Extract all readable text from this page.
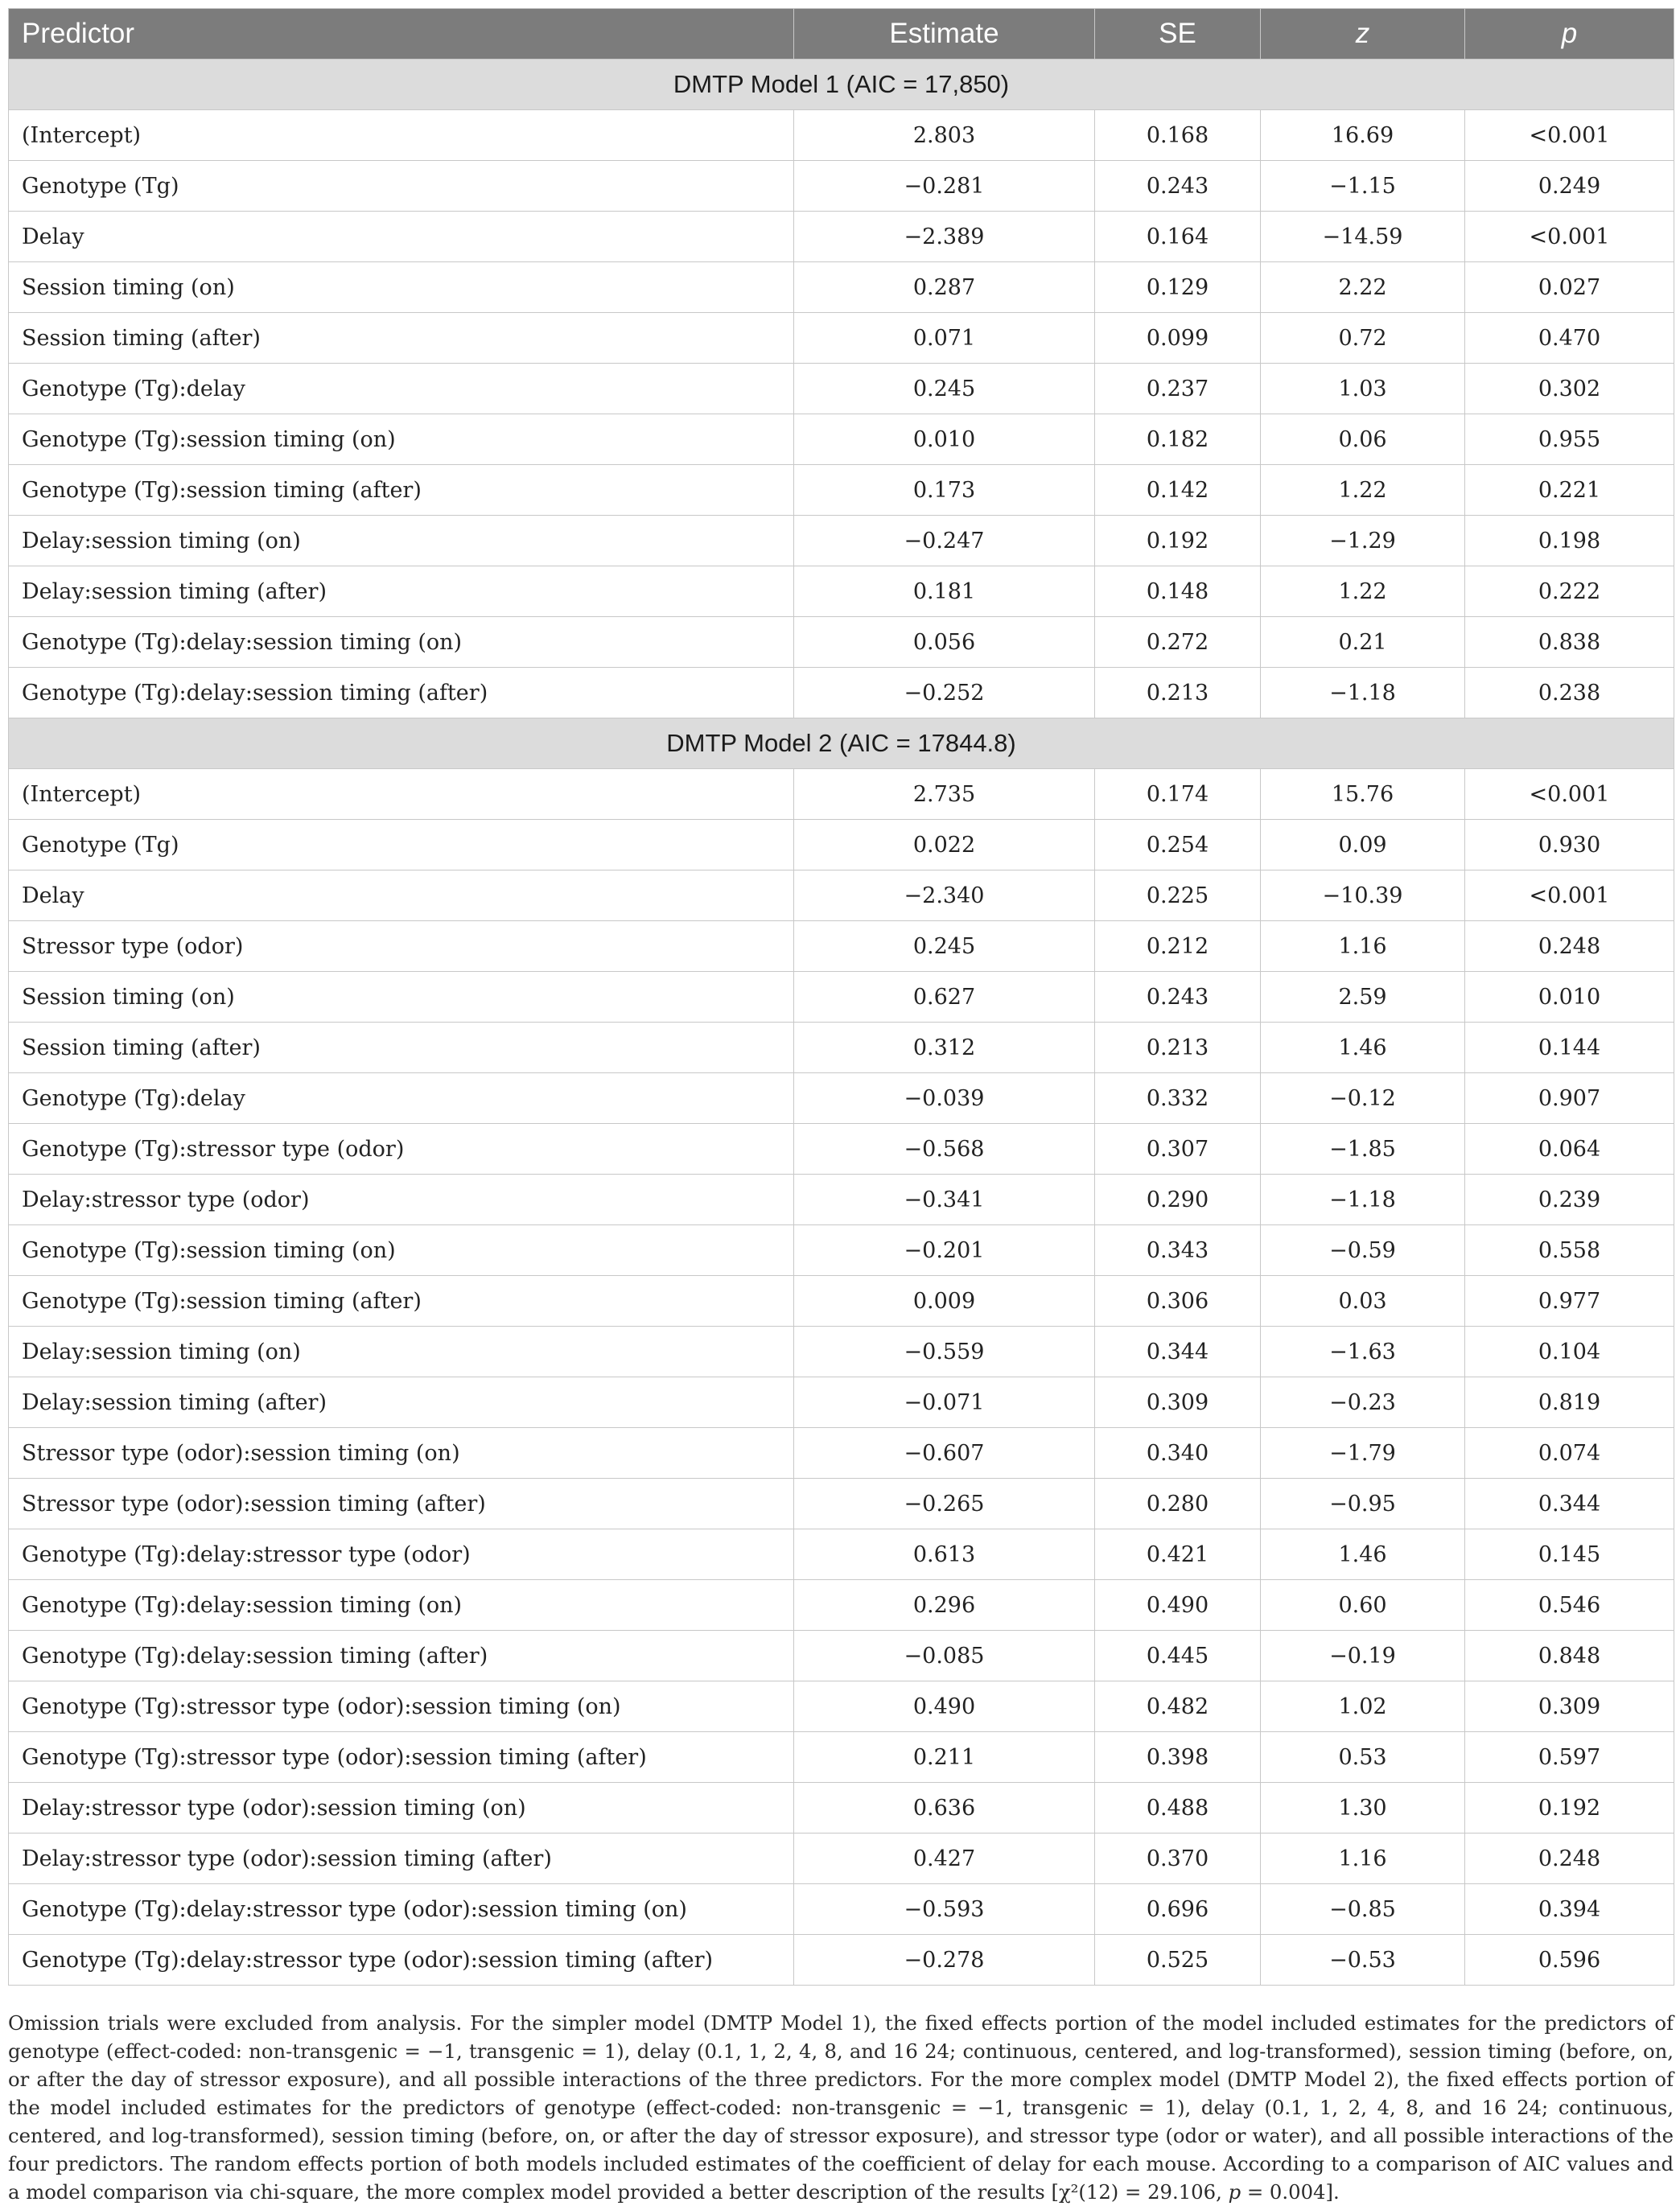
Predictor	Estimate	SE	z	p
DMTP Model 1 (AIC = 17,850)				
(Intercept)	2.803	0.168	16.69	<0.001
Genotype (Tg)	−0.281	0.243	−1.15	0.249
Delay	−2.389	0.164	−14.59	<0.001
Session timing (on)	0.287	0.129	2.22	0.027
Session timing (after)	0.071	0.099	0.72	0.470
Genotype (Tg):delay	0.245	0.237	1.03	0.302
Genotype (Tg):session timing (on)	0.010	0.182	0.06	0.955
Genotype (Tg):session timing (after)	0.173	0.142	1.22	0.221
Delay:session timing (on)	−0.247	0.192	−1.29	0.198
Delay:session timing (after)	0.181	0.148	1.22	0.222
Genotype (Tg):delay:session timing (on)	0.056	0.272	0.21	0.838
Genotype (Tg):delay:session timing (after)	−0.252	0.213	−1.18	0.238
DMTP Model 2 (AIC = 17844.8)				
(Intercept)	2.735	0.174	15.76	<0.001
Genotype (Tg)	0.022	0.254	0.09	0.930
Delay	−2.340	0.225	−10.39	<0.001
Stressor type (odor)	0.245	0.212	1.16	0.248
Session timing (on)	0.627	0.243	2.59	0.010
Session timing (after)	0.312	0.213	1.46	0.144
Genotype (Tg):delay	−0.039	0.332	−0.12	0.907
Genotype (Tg):stressor type (odor)	−0.568	0.307	−1.85	0.064
Delay:stressor type (odor)	−0.341	0.290	−1.18	0.239
Genotype (Tg):session timing (on)	−0.201	0.343	−0.59	0.558
Genotype (Tg):session timing (after)	0.009	0.306	0.03	0.977
Delay:session timing (on)	−0.559	0.344	−1.63	0.104
Delay:session timing (after)	−0.071	0.309	−0.23	0.819
Stressor type (odor):session timing (on)	−0.607	0.340	−1.79	0.074
Stressor type (odor):session timing (after)	−0.265	0.280	−0.95	0.344
Genotype (Tg):delay:stressor type (odor)	0.613	0.421	1.46	0.145
Genotype (Tg):delay:session timing (on)	0.296	0.490	0.60	0.546
Genotype (Tg):delay:session timing (after)	−0.085	0.445	−0.19	0.848
Genotype (Tg):stressor type (odor):session timing (on)	0.490	0.482	1.02	0.309
Genotype (Tg):stressor type (odor):session timing (after)	0.211	0.398	0.53	0.597
Delay:stressor type (odor):session timing (on)	0.636	0.488	1.30	0.192
Delay:stressor type (odor):session timing (after)	0.427	0.370	1.16	0.248
Genotype (Tg):delay:stressor type (odor):session timing (on)	−0.593	0.696	−0.85	0.394
Genotype (Tg):delay:stressor type (odor):session timing (after)	−0.278	0.525	−0.53	0.596
Omission trials were excluded from analysis. For the simpler model (DMTP Model 1), the fixed effects portion of the model included estimates for the predictors of genotype (effect-coded: non-transgenic = −1, transgenic = 1), delay (0.1, 1, 2, 4, 8, and 16 24; continuous, centered, and log-transformed), session timing (before, on, or after the day of stressor exposure), and all possible interactions of the three predictors. For the more complex model (DMTP Model 2), the fixed effects portion of the model included estimates for the predictors of genotype (effect-coded: non-transgenic = −1, transgenic = 1), delay (0.1, 1, 2, 4, 8, and 16 24; continuous, centered, and log-transformed), session timing (before, on, or after the day of stressor exposure), and stressor type (odor or water), and all possible interactions of the four predictors. The random effects portion of both models included estimates of the coefficient of delay for each mouse. According to a comparison of AIC values and a model comparison via chi-square, the more complex model provided a better description of the results [χ²(12) = 29.106, p = 0.004].
